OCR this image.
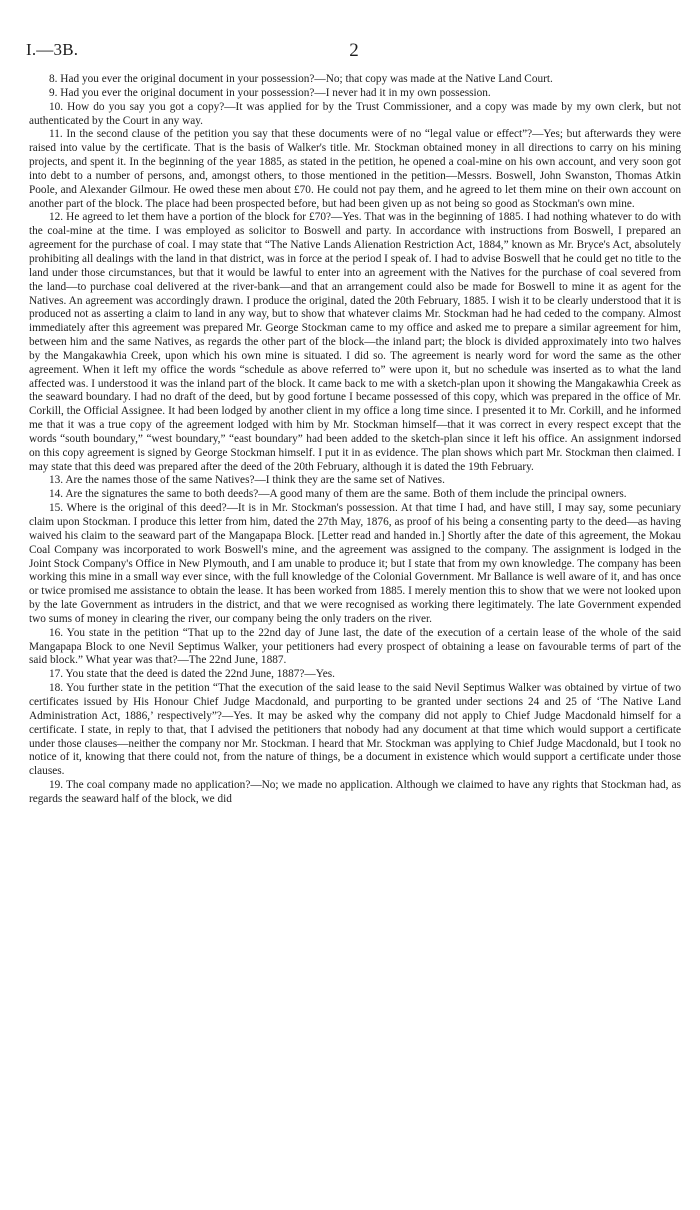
I.—3B.	2

8. Had you ever the original document in your possession?—No; that copy was made at the Native Land Court.

9. Had you ever the original document in your possession?—I never had it in my own possession.

10. How do you say you got a copy?—It was applied for by the Trust Commissioner, and a copy was made by my own clerk, but not authenticated by the Court in any way.

11. In the second clause of the petition you say that these documents were of no “legal value or effect”?—Yes; but afterwards they were raised into value by the certificate. That is the basis of Walker's title. Mr. Stockman obtained money in all directions to carry on his mining projects, and spent it. In the beginning of the year 1885, as stated in the petition, he opened a coal-mine on his own account, and very soon got into debt to a number of persons, and, amongst others, to those mentioned in the petition—Messrs. Boswell, John Swanston, Thomas Atkin Poole, and Alexander Gilmour. He owed these men about £70. He could not pay them, and he agreed to let them mine on their own account on another part of the block. The place had been prospected before, but had been given up as not being so good as Stockman's own mine.

12. He agreed to let them have a portion of the block for £70?—Yes. That was in the beginning of 1885. I had nothing whatever to do with the coal-mine at the time. I was employed as solicitor to Boswell and party. In accordance with instructions from Boswell, I prepared an agreement for the purchase of coal. I may state that “The Native Lands Alienation Restriction Act, 1884,” known as Mr. Bryce's Act, absolutely prohibiting all dealings with the land in that district, was in force at the period I speak of. I had to advise Boswell that he could get no title to the land under those circumstances, but that it would be lawful to enter into an agreement with the Natives for the purchase of coal severed from the land—to purchase coal delivered at the river-bank—and that an arrangement could also be made for Boswell to mine it as agent for the Natives. An agreement was accordingly drawn. I produce the original, dated the 20th February, 1885. I wish it to be clearly understood that it is produced not as asserting a claim to land in any way, but to show that whatever claims Mr. Stockman had he had ceded to the company. Almost immediately after this agreement was prepared Mr. George Stockman came to my office and asked me to prepare a similar agreement for him, between him and the same Natives, as regards the other part of the block—the inland part; the block is divided approximately into two halves by the Mangakawhia Creek, upon which his own mine is situated. I did so. The agreement is nearly word for word the same as the other agreement. When it left my office the words “schedule as above referred to” were upon it, but no schedule was inserted as to what the land affected was. I understood it was the inland part of the block. It came back to me with a sketch-plan upon it showing the Mangakawhia Creek as the seaward boundary. I had no draft of the deed, but by good fortune I became possessed of this copy, which was prepared in the office of Mr. Corkill, the Official Assignee. It had been lodged by another client in my office a long time since. I presented it to Mr. Corkill, and he informed me that it was a true copy of the agreement lodged with him by Mr. Stockman himself—that it was correct in every respect except that the words “south boundary,” “west boundary,” “east boundary” had been added to the sketch-plan since it left his office. An assignment indorsed on this copy agreement is signed by George Stockman himself. I put it in as evidence. The plan shows which part Mr. Stockman then claimed. I may state that this deed was prepared after the deed of the 20th February, although it is dated the 19th February.

13. Are the names those of the same Natives?—I think they are the same set of Natives.

14. Are the signatures the same to both deeds?—A good many of them are the same. Both of them include the principal owners.

15. Where is the original of this deed?—It is in Mr. Stockman's possession. At that time I had, and have still, I may say, some pecuniary claim upon Stockman. I produce this letter from him, dated the 27th May, 1876, as proof of his being a consenting party to the deed—as having waived his claim to the seaward part of the Mangapapa Block. [Letter read and handed in.] Shortly after the date of this agreement, the Mokau Coal Company was incorporated to work Boswell's mine, and the agreement was assigned to the company. The assignment is lodged in the Joint Stock Company's Office in New Plymouth, and I am unable to produce it; but I state that from my own knowledge. The company has been working this mine in a small way ever since, with the full knowledge of the Colonial Government. Mr Ballance is well aware of it, and has once or twice promised me assistance to obtain the lease. It has been worked from 1885. I merely mention this to show that we were not looked upon by the late Government as intruders in the district, and that we were recognised as working there legitimately. The late Government expended two sums of money in clearing the river, our company being the only traders on the river.

16. You state in the petition “That up to the 22nd day of June last, the date of the execution of a certain lease of the whole of the said Mangapapa Block to one Nevil Septimus Walker, your petitioners had every prospect of obtaining a lease on favourable terms of part of the said block.” What year was that?—The 22nd June, 1887.

17. You state that the deed is dated the 22nd June, 1887?—Yes.

18. You further state in the petition “That the execution of the said lease to the said Nevil Septimus Walker was obtained by virtue of two certificates issued by His Honour Chief Judge Macdonald, and purporting to be granted under sections 24 and 25 of ‘The Native Land Administration Act, 1886,’ respectively”?—Yes. It may be asked why the company did not apply to Chief Judge Macdonald himself for a certificate. I state, in reply to that, that I advised the petitioners that nobody had any document at that time which would support a certificate under those clauses—neither the company nor Mr. Stockman. I heard that Mr. Stockman was applying to Chief Judge Macdonald, but I took no notice of it, knowing that there could not, from the nature of things, be a document in existence which would support a certificate under those clauses.

19. The coal company made no application?—No; we made no application. Although we claimed to have any rights that Stockman had, as regards the seaward half of the block, we did
